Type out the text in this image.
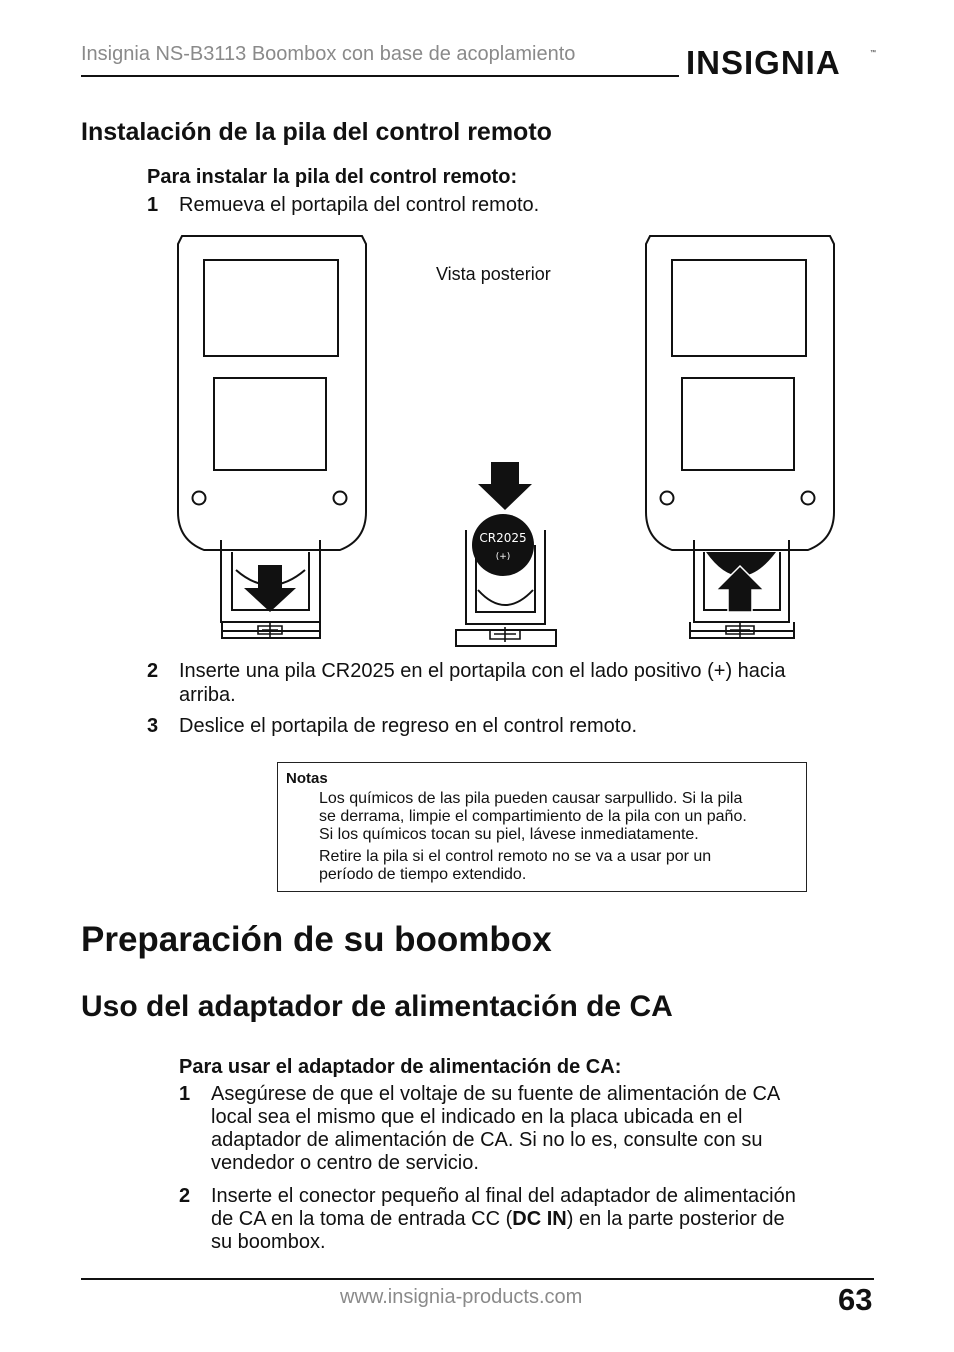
Insignia NS-B3113 Boombox con base de acoplamiento	INSIGNIA	™
Instalación de la pila del control remoto
Para instalar la pila del control remoto:
1 Remueva el portapila del control remoto.
CR2025
(+)
Vista posterior
2 Inserte una pila CR2025 en el portapila con el lado positivo (+) hacia
arriba.
3 Deslice el portapila de regreso en el control remoto.
Notas
Los químicos de las pila pueden causar sarpullido. Si la pila
se derrama, limpie el compartimiento de la pila con un paño.
Si los químicos tocan su piel, lávese inmediatamente.
Retire la pila si el control remoto no se va a usar por un
período de tiempo extendido.
Preparación de su boombox
Uso del adaptador de alimentación de CA
Para usar el adaptador de alimentación de CA:
1 Asegúrese de que el voltaje de su fuente de alimentación de CA
local sea el mismo que el indicado en la placa ubicada en el
adaptador de alimentación de CA. Si no lo es, consulte con su
vendedor o centro de servicio.
2 Inserte el conector pequeño al final del adaptador de alimentación
de CA en la toma de entrada CC (DC IN) en la parte posterior de
su boombox.
www.insignia-products.com	63
